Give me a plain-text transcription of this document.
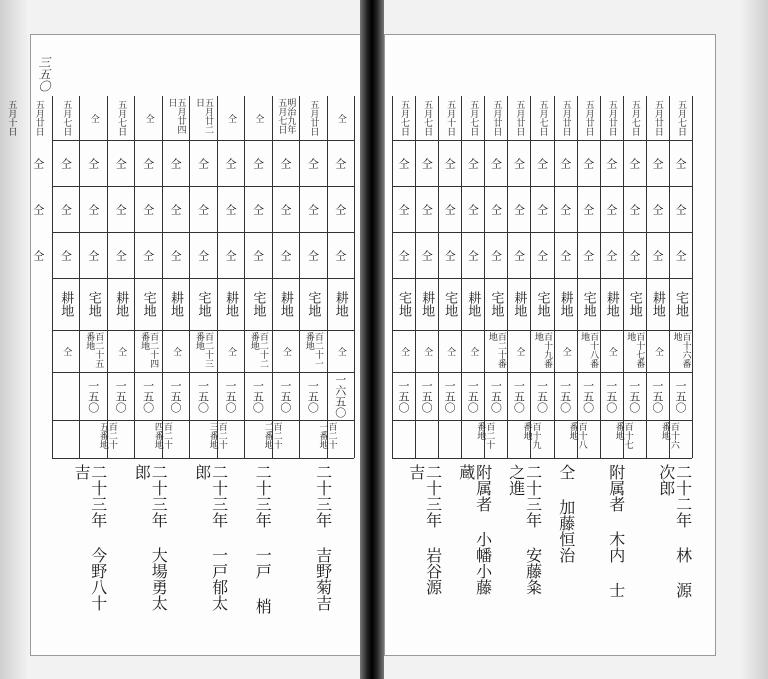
三五〇
仝
五月廿日
明治九年五月七日
仝
仝
五月廿二日
五月廿四日
仝
五月七日
仝
五月七日
五月廿日
五月十日
仝
仝
仝
仝
仝
仝
仝
仝
仝
仝
仝
仝
仝
仝
仝
仝
仝
仝
仝
仝
仝
仝
仝
仝
仝
仝
仝
仝
仝
仝
仝
仝
仝
仝
仝
仝
耕地
宅地
耕地
宅地
耕地
宅地
耕地
宅地
耕地
宅地
耕地
仝
百二十一番地
仝
百二十二番地
仝
百二十三番地
仝
百二十四番地
仝
百二十五番地
仝
一六五〇
一五〇
一五〇
一五〇
一五〇
一五〇
一五〇
一五〇
一五〇
一五〇
百二十一番地
百二十二番地
百二十三番地
百二十四番地
百二十五番地
二十三年 吉野菊吉
二十三年 一戸 梢
二十三年 一戸郁太郎
二十三年 大場勇太郎
二十三年 今野八十吉
五月七日
五月廿日
五月七日
五月廿日
五月廿日
五月廿日
五月七日
五月廿日
五月廿日
五月七日
五月十日
五月七日
五月七日
仝
仝
仝
仝
仝
仝
仝
仝
仝
仝
仝
仝
仝
仝
仝
仝
仝
仝
仝
仝
仝
仝
仝
仝
仝
仝
仝
仝
仝
仝
仝
仝
仝
仝
仝
仝
仝
仝
仝
宅地
耕地
宅地
耕地
宅地
耕地
宅地
耕地
宅地
耕地
宅地
耕地
宅地
百十六番地
仝
百十七番地
仝
百十八番地
仝
百十九番地
仝
百二十番地
仝
仝
仝
仝
一五〇
一五〇
一五〇
一五〇
一五〇
一五〇
一五〇
一五〇
一五〇
一五〇
一五〇
一五〇
一五〇
百十六番地
百十七番地
百十八番地
百十九番地
百二十番地
二十二年 林 源次郎
附属者 木内 士
仝 加藤恒治
二十三年 安藤粂之進
附属者 小幡小藤蔵
二十三年 岩谷源吉
